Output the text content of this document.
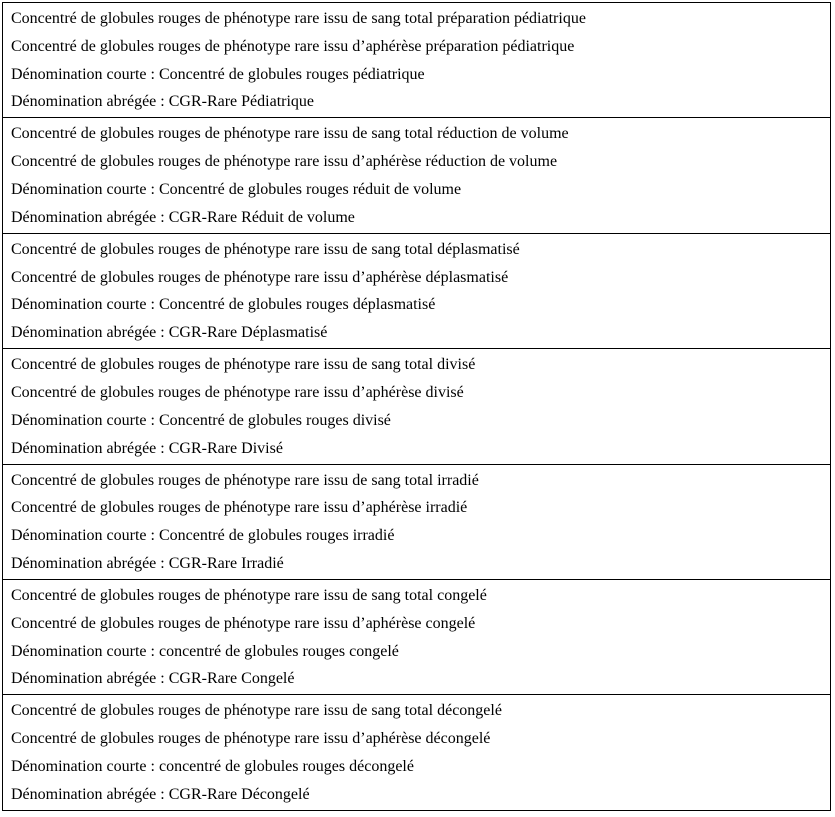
Concentré de globules rouges de phénotype rare issu de sang total préparation pédiatrique
Concentré de globules rouges de phénotype rare issu d’aphérèse préparation pédiatrique
Dénomination courte : Concentré de globules rouges pédiatrique
Dénomination abrégée : CGR-Rare Pédiatrique
Concentré de globules rouges de phénotype rare issu de sang total réduction de volume
Concentré de globules rouges de phénotype rare issu d’aphérèse réduction de volume
Dénomination courte : Concentré de globules rouges réduit de volume
Dénomination abrégée : CGR-Rare Réduit de volume
Concentré de globules rouges de phénotype rare issu de sang total déplasmatisé
Concentré de globules rouges de phénotype rare issu d’aphérèse déplasmatisé
Dénomination courte : Concentré de globules rouges déplasmatisé
Dénomination abrégée : CGR-Rare Déplasmatisé
Concentré de globules rouges de phénotype rare issu de sang total divisé
Concentré de globules rouges de phénotype rare issu d’aphérèse divisé
Dénomination courte : Concentré de globules rouges divisé
Dénomination abrégée : CGR-Rare Divisé
Concentré de globules rouges de phénotype rare issu de sang total irradié
Concentré de globules rouges de phénotype rare issu d’aphérèse irradié
Dénomination courte : Concentré de globules rouges irradié
Dénomination abrégée : CGR-Rare Irradié
Concentré de globules rouges de phénotype rare issu de sang total congelé
Concentré de globules rouges de phénotype rare issu d’aphérèse congelé
Dénomination courte : concentré de globules rouges congelé
Dénomination abrégée : CGR-Rare Congelé
Concentré de globules rouges de phénotype rare issu de sang total décongelé
Concentré de globules rouges de phénotype rare issu d’aphérèse décongelé
Dénomination courte : concentré de globules rouges décongelé
Dénomination abrégée : CGR-Rare Décongelé
